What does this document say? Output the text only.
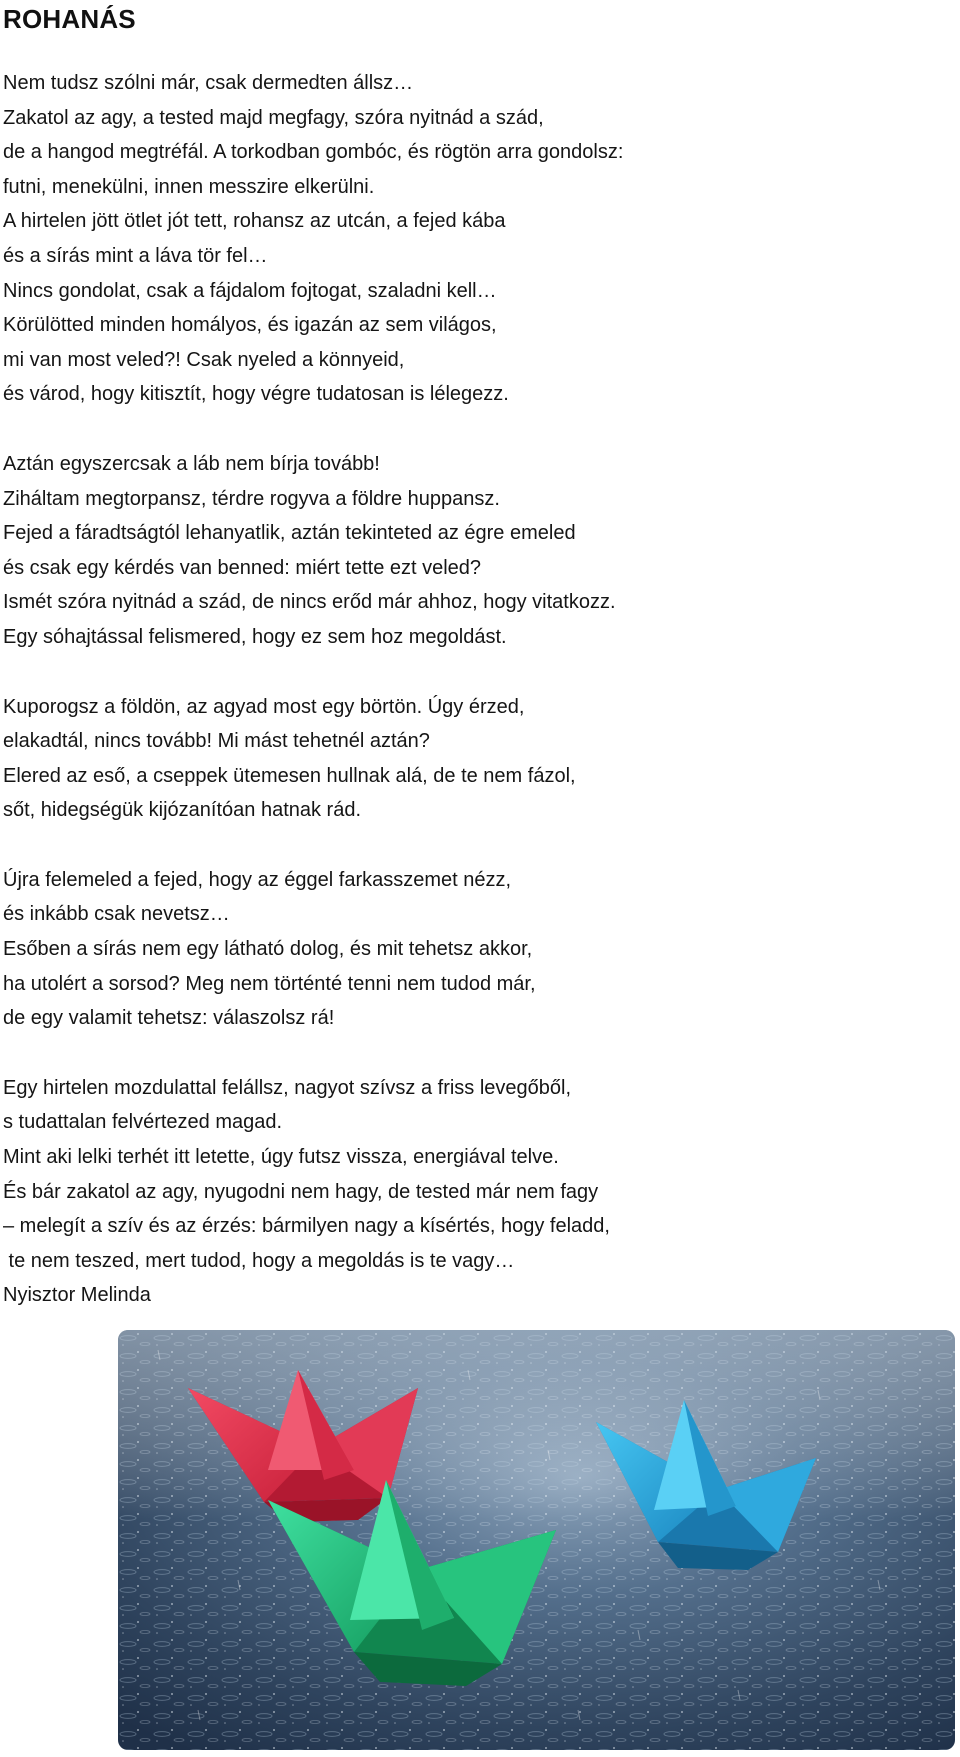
ROHANÁS
Nem tudsz szólni már, csak dermedten állsz…
Zakatol az agy, a tested majd megfagy, szóra nyitnád a szád,
de a hangod megtréfál. A torkodban gombóc, és rögtön arra gondolsz:
futni, menekülni, innen messzire elkerülni.
A hirtelen jött ötlet jót tett, rohansz az utcán, a fejed kába
és a sírás mint a láva tör fel…
Nincs gondolat, csak a fájdalom fojtogat, szaladni kell…
Körülötted minden homályos, és igazán az sem világos,
mi van most veled?! Csak nyeled a könnyeid,
és várod, hogy kitisztít, hogy végre tudatosan is lélegezz.
Aztán egyszercsak a láb nem bírja tovább!
Ziháltam megtorpansz, térdre rogyva a földre huppansz.
Fejed a fáradtságtól lehanyatlik, aztán tekinteted az égre emeled
és csak egy kérdés van benned: miért tette ezt veled?
Ismét szóra nyitnád a szád, de nincs erőd már ahhoz, hogy vitatkozz.
Egy sóhajtással felismered, hogy ez sem hoz megoldást.
Kuporogsz a földön, az agyad most egy börtön. Úgy érzed,
elakadtál, nincs tovább! Mi mást tehetnél aztán?
Elered az eső, a cseppek ütemesen hullnak alá, de te nem fázol,
sőt, hidegségük kijózanítóan hatnak rád.
Újra felemeled a fejed, hogy az éggel farkasszemet nézz,
és inkább csak nevetsz…
Esőben a sírás nem egy látható dolog, és mit tehetsz akkor,
ha utolért a sorsod? Meg nem történté tenni nem tudod már,
de egy valamit tehetsz: válaszolsz rá!
Egy hirtelen mozdulattal felállsz, nagyot szívsz a friss levegőből,
s tudattalan felvértezed magad.
Mint aki lelki terhét itt letette, úgy futsz vissza, energiával telve.
És bár zakatol az agy, nyugodni nem hagy, de tested már nem fagy
– melegít a szív és az érzés: bármilyen nagy a kísértés, hogy feladd,
te nem teszed, mert tudod, hogy a megoldás is te vagy…
Nyisztor Melinda
